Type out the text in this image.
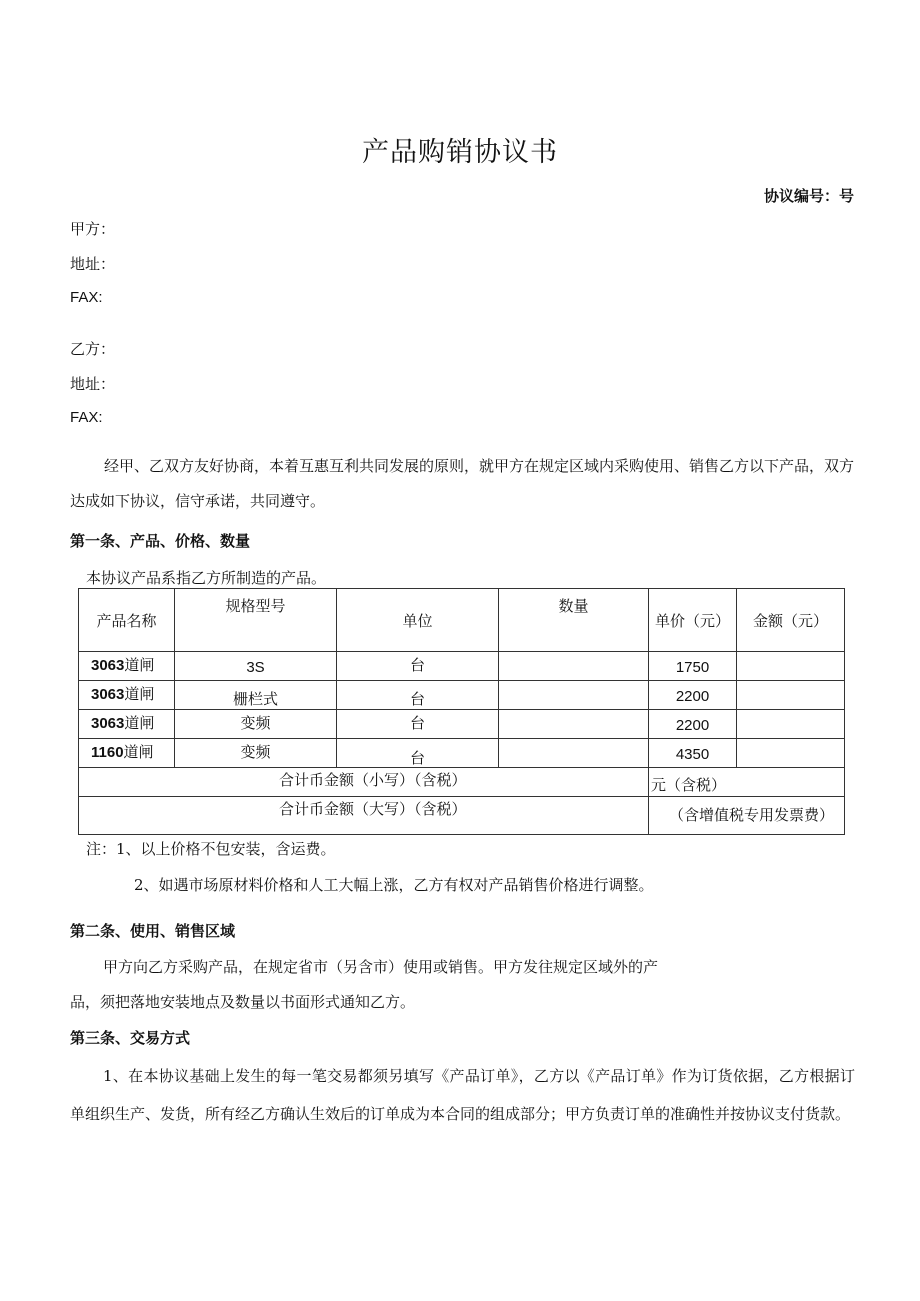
产品购销协议书
协议编号：号
甲方：
地址：
FAX:
乙方：
地址：
FAX:
经甲、乙双方友好协商，本着互惠互利共同发展的原则，就甲方在规定区域内采购使用、销售乙方以下产品，双方达成如下协议，信守承诺，共同遵守。
第一条、产品、价格、数量
本协议产品系指乙方所制造的产品。
产品名称	规格型号	单位	数量	单价（元）	金额（元）

3063道闸	3S	台		1750	

3063道闸	栅栏式	台		2200	

3063道闸	变频	台		2200	

1160道闸	变频	台		4350	

合计币金额（小写）（含税）				元（含税）	

合计币金额（大写）（含税）				（含增值税专用发票费）	
注：1、以上价格不包安装，含运费。
2、如遇市场原材料价格和人工大幅上涨，乙方有权对产品销售价格进行调整。
第二条、使用、销售区域
甲方向乙方采购产品，在规定省市（另含市）使用或销售。甲方发往规定区域外的产
品，须把落地安装地点及数量以书面形式通知乙方。
第三条、交易方式
1、在本协议基础上发生的每一笔交易都须另填写《产品订单》，乙方以《产品订单》作为订货依据，乙方根据订单组织生产、发货，所有经乙方确认生效后的订单成为本合同的组成部分；甲方负责订单的准确性并按协议支付货款。
